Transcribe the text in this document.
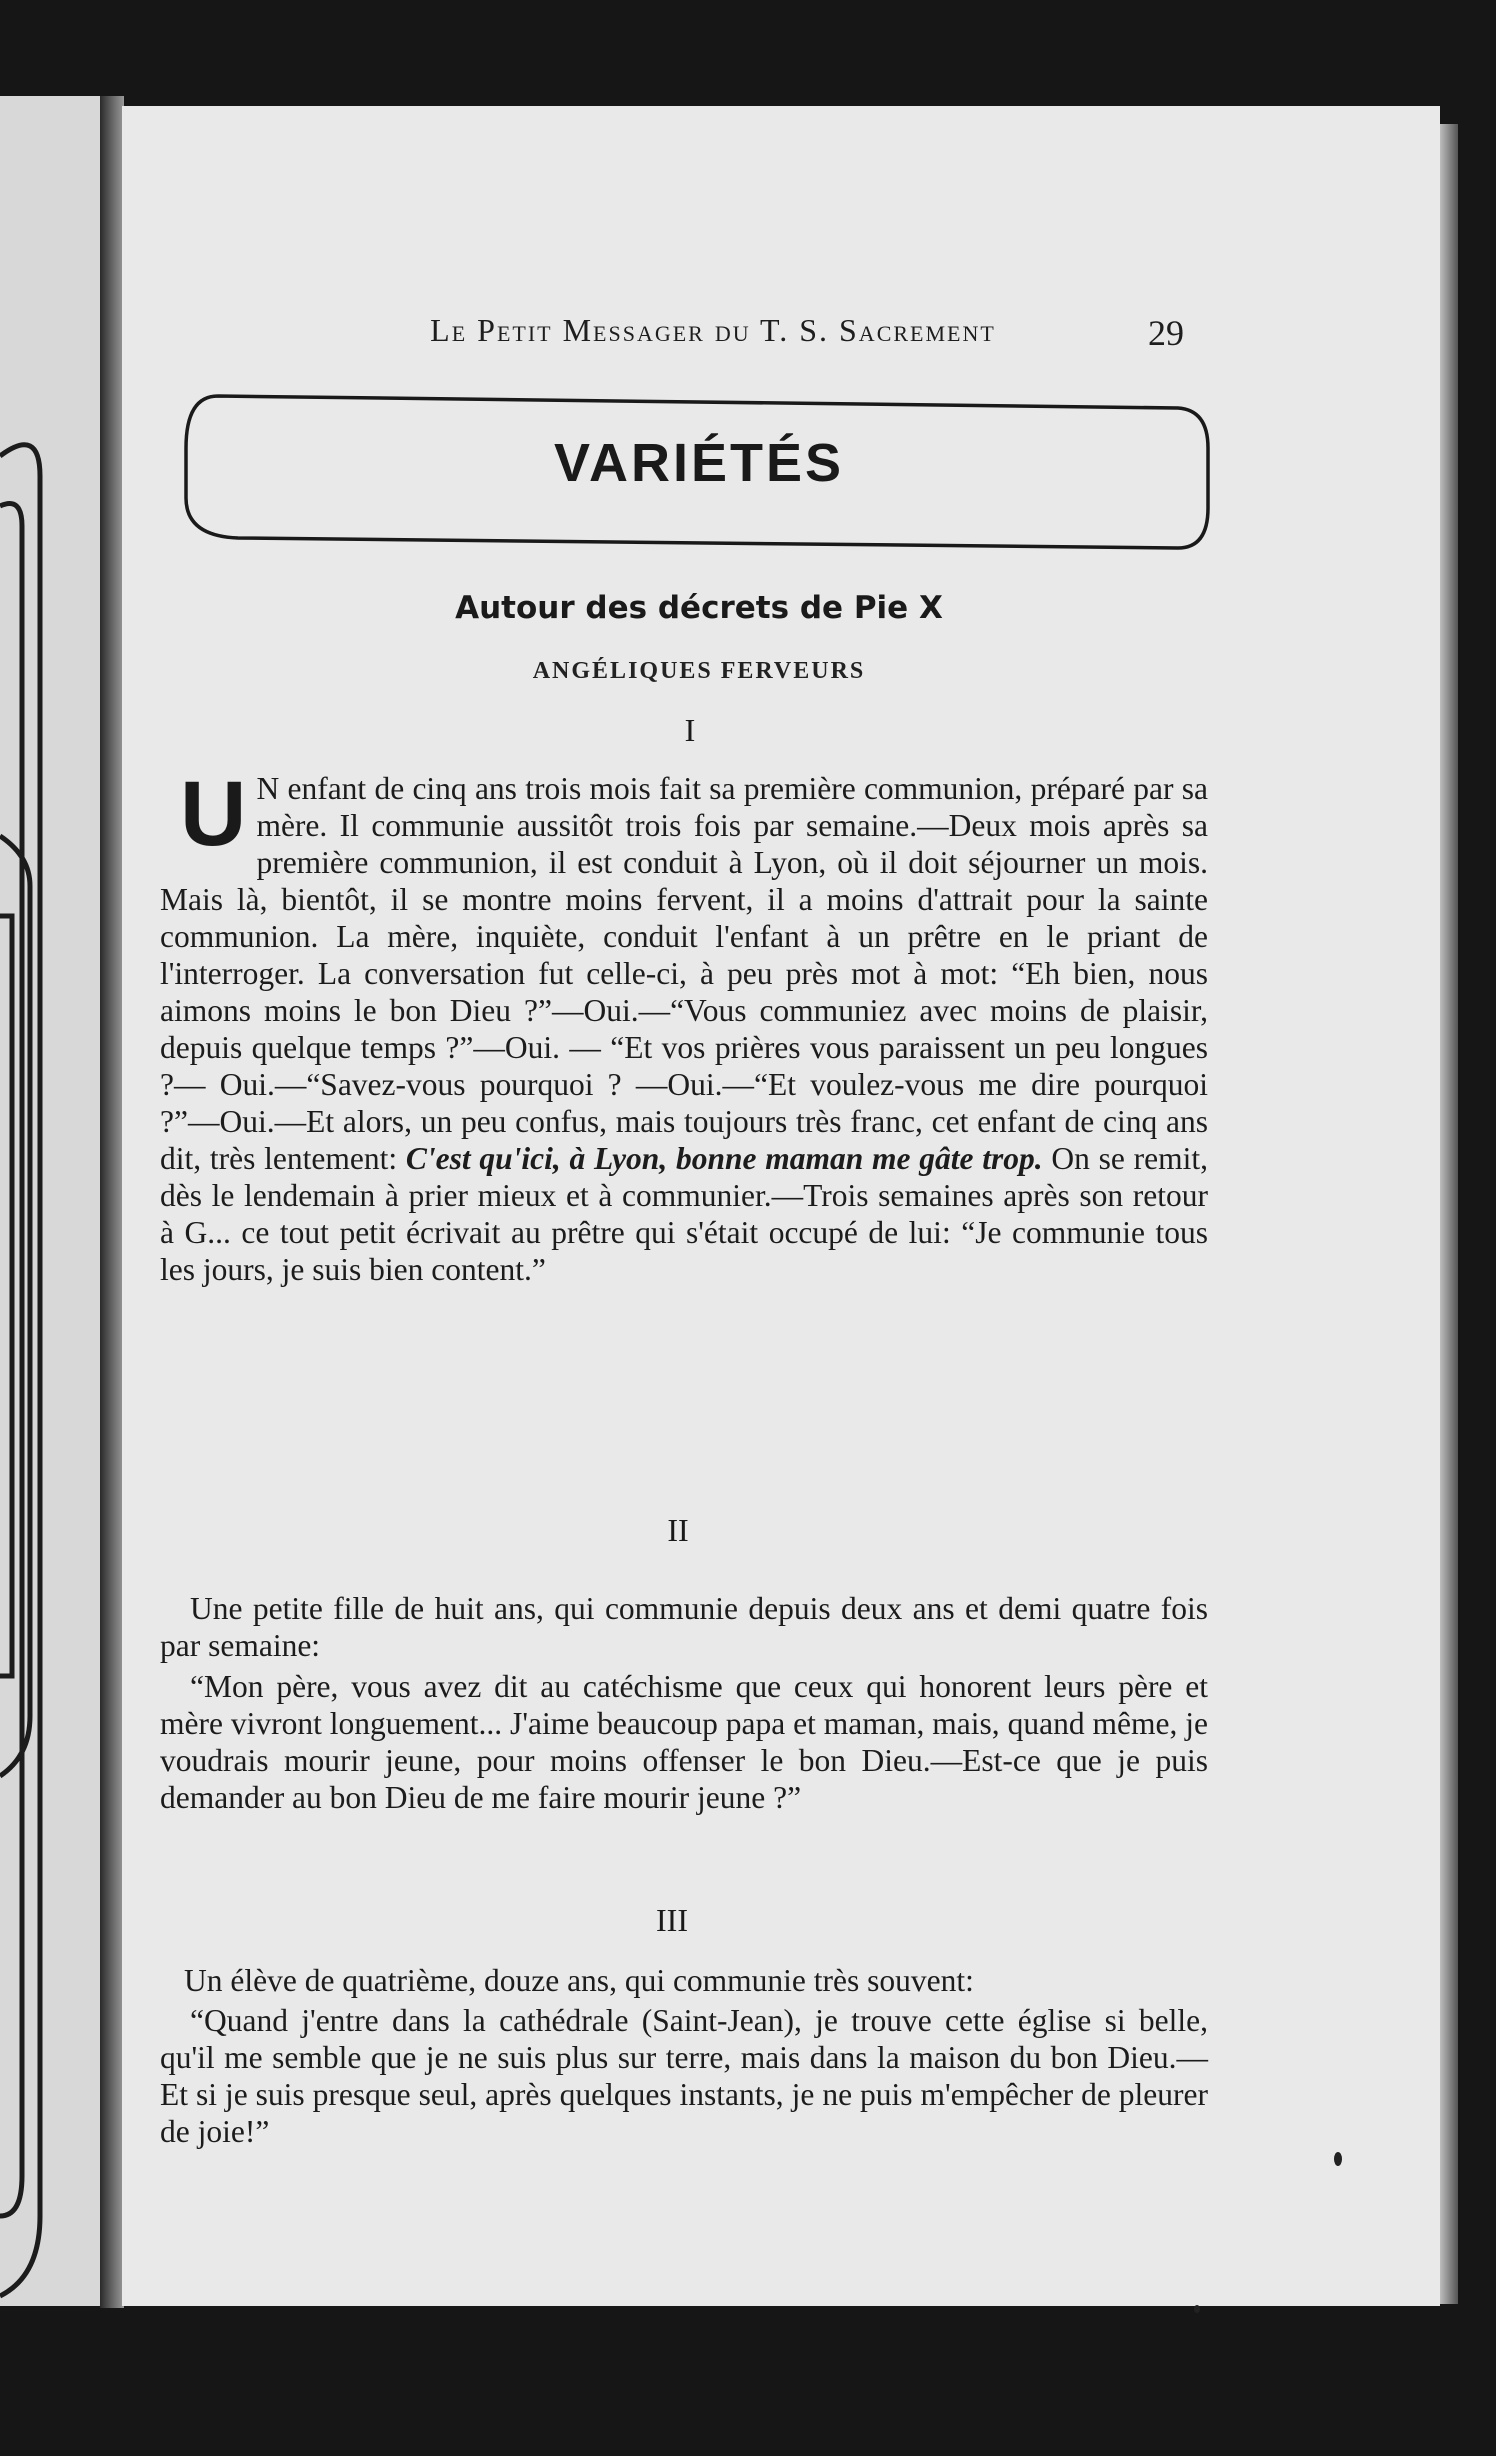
Le Petit Messager du T. S. Sacrement	29
VARIÉTÉS
Autour des décrets de Pie X
ANGÉLIQUES FERVEURS
I
U N enfant de cinq ans trois mois fait sa première communion, préparé par sa mère. Il communie aussitôt trois fois par semaine.—Deux mois après sa première communion, il est conduit à Lyon, où il doit séjourner un mois. Mais là, bientôt, il se montre moins fervent, il a moins d'attrait pour la sainte communion. La mère, inquiète, conduit l'enfant à un prêtre en le priant de l'interroger. La conversation fut celle-ci, à peu près mot à mot: “Eh bien, nous aimons moins le bon Dieu ?”—Oui.—“Vous communiez avec moins de plaisir, depuis quelque temps ?”—Oui. — “Et vos prières vous paraissent un peu longues ?— Oui.—“Savez-vous pourquoi ? —Oui.—“Et voulez-vous me dire pourquoi ?”—Oui.—Et alors, un peu confus, mais toujours très franc, cet enfant de cinq ans dit, très lentement: C'est qu'ici, à Lyon, bonne maman me gâte trop. On se remit, dès le lendemain à prier mieux et à communier.—Trois semaines après son retour à G... ce tout petit écrivait au prêtre qui s'était occupé de lui: “Je communie tous les jours, je suis bien content.”
II
Une petite fille de huit ans, qui communie depuis deux ans et demi quatre fois par semaine:
“Mon père, vous avez dit au catéchisme que ceux qui honorent leurs père et mère vivront longuement... J'aime beaucoup papa et maman, mais, quand même, je voudrais mourir jeune, pour moins offenser le bon Dieu.—Est-ce que je puis demander au bon Dieu de me faire mourir jeune ?”
III
Un élève de quatrième, douze ans, qui communie très souvent:
“Quand j'entre dans la cathédrale (Saint-Jean), je trouve cette église si belle, qu'il me semble que je ne suis plus sur terre, mais dans la maison du bon Dieu.—Et si je suis presque seul, après quelques instants, je ne puis m'empêcher de pleurer de joie!”
